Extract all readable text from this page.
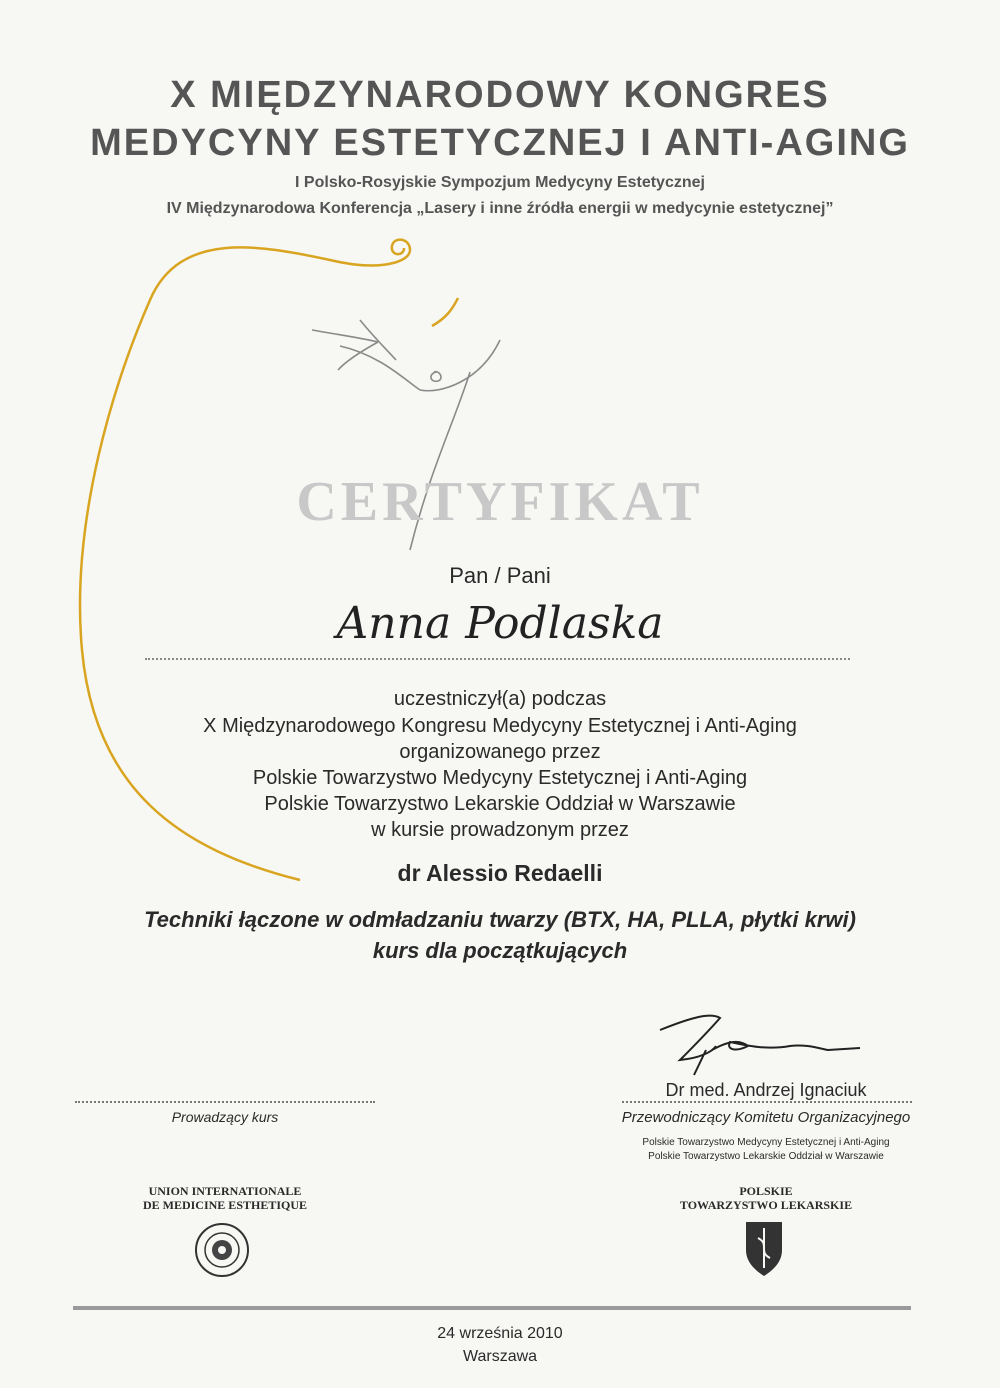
X MIĘDZYNARODOWY KONGRES
MEDYCYNY ESTETYCZNEJ I ANTI-AGING
I Polsko-Rosyjskie Sympozjum Medycyny Estetycznej
IV Międzynarodowa Konferencja „Lasery i inne źródła energii w medycynie estetycznej”
CERTYFIKAT
Pan / Pani
Anna Podlaska
uczestniczył(a) podczas
X Międzynarodowego Kongresu Medycyny Estetycznej i Anti-Aging
organizowanego przez
Polskie Towarzystwo Medycyny Estetycznej i Anti-Aging
Polskie Towarzystwo Lekarskie Oddział w Warszawie
w kursie prowadzonym przez
dr Alessio Redaelli
Techniki łączone w odmładzaniu twarzy (BTX, HA, PLLA, płytki krwi)
kurs dla początkujących
Prowadzący kurs
Dr med. Andrzej Ignaciuk
Przewodniczący Komitetu Organizacyjnego
Polskie Towarzystwo Medycyny Estetycznej i Anti-Aging
Polskie Towarzystwo Lekarskie Oddział w Warszawie
UNION INTERNATIONALE
DE MEDICINE ESTHETIQUE
POLSKIE
TOWARZYSTWO LEKARSKIE
24 września 2010
Warszawa
